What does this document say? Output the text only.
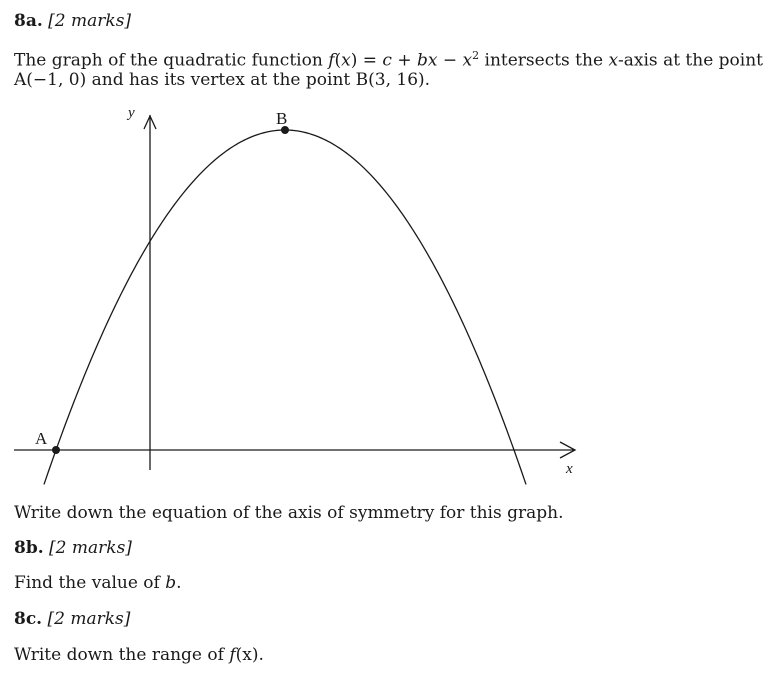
8a. [2 marks]
The graph of the quadratic function f(x) = c + bx − $x^2$ intersects the x-axis at the point
A(−1, 0) and has its vertex at the point B(3, 16).
y
x
A
B
Write down the equation of the axis of symmetry for this graph.
8b. [2 marks]
Find the value of b.
8c. [2 marks]
Write down the range of f(x).
